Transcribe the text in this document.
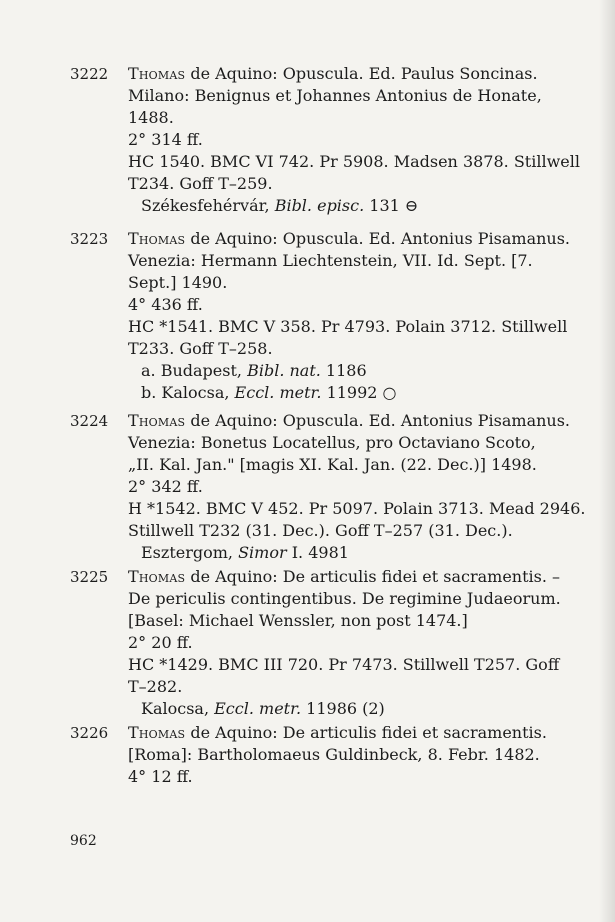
3222 Thomas de Aquino: Opuscula. Ed. Paulus Soncinas.
Milano: Benignus et Johannes Antonius de Honate,
1488.
2° 314 ff.
HC 1540. BMC VI 742. Pr 5908. Madsen 3878. Stillwell
T234. Goff T–259.
Székesfehérvár, Bibl. episc. 131 ⊖
3223 Thomas de Aquino: Opuscula. Ed. Antonius Pisamanus.
Venezia: Hermann Liechtenstein, VII. Id. Sept. [7.
Sept.] 1490.
4° 436 ff.
HC *1541. BMC V 358. Pr 4793. Polain 3712. Stillwell
T233. Goff T–258.
a. Budapest, Bibl. nat. 1186
b. Kalocsa, Eccl. metr. 11992 ○
3224 Thomas de Aquino: Opuscula. Ed. Antonius Pisamanus.
Venezia: Bonetus Locatellus, pro Octaviano Scoto,
„II. Kal. Jan." [magis XI. Kal. Jan. (22. Dec.)] 1498.
2° 342 ff.
H *1542. BMC V 452. Pr 5097. Polain 3713. Mead 2946.
Stillwell T232 (31. Dec.). Goff T–257 (31. Dec.).
Esztergom, Simor I. 4981
3225 Thomas de Aquino: De articulis fidei et sacramentis. –
De periculis contingentibus. De regimine Judaeorum.
[Basel: Michael Wenssler, non post 1474.]
2° 20 ff.
HC *1429. BMC III 720. Pr 7473. Stillwell T257. Goff
T–282.
Kalocsa, Eccl. metr. 11986 (2)
3226 Thomas de Aquino: De articulis fidei et sacramentis.
[Roma]: Bartholomaeus Guldinbeck, 8. Febr. 1482.
4° 12 ff.
962
